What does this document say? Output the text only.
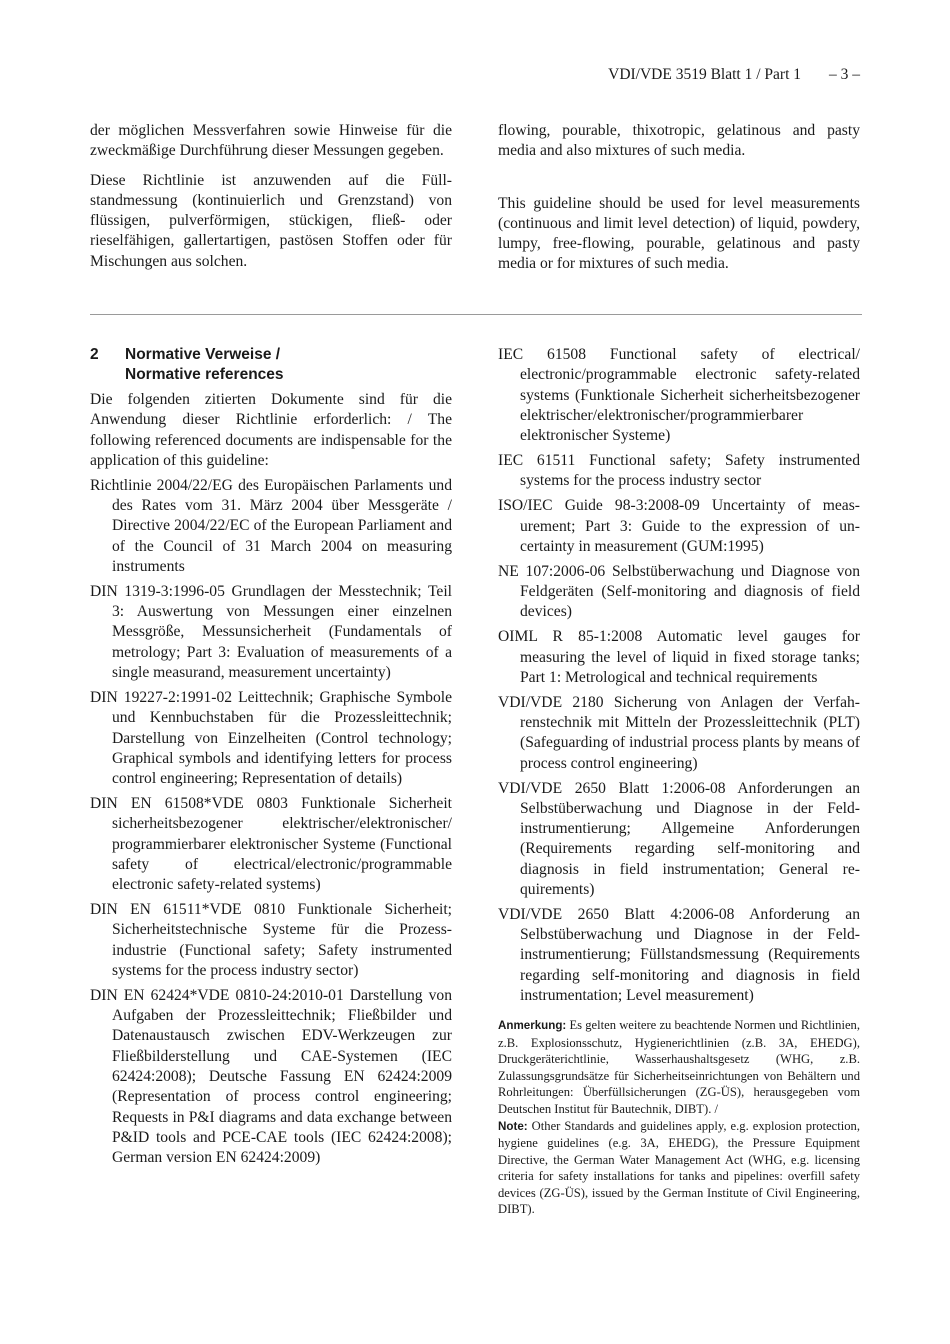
VDI/VDE 3519 Blatt 1 / Part 1 – 3 –

der möglichen Messverfahren sowie Hinweise für die zweckmäßige Durchführung dieser Messungen gegeben.

Diese Richtlinie ist anzuwenden auf die Füllstandmessung (kontinuierlich und Grenzstand) von flüssigen, pulverförmigen, stückigen, fließ- oder rieselfähigen, gallertartigen, pastösen Stoffen oder für Mischungen aus solchen.

flowing, pourable, thixotropic, gelatinous and pasty media and also mixtures of such media.

This guideline should be used for level measurements (continuous and limit level detection) of liquid, powdery, lumpy, free-flowing, pourable, gelatinous and pasty media or for mixtures of such media.

2	Normative Verweise /
Normative references

Die folgenden zitierten Dokumente sind für die Anwendung dieser Richtlinie erforderlich: / The following referenced documents are indispensable for the application of this guideline:

Richtlinie 2004/22/EG des Europäischen Parlaments und des Rates vom 31. März 2004 über Messgeräte / Directive 2004/22/EC of the European Parliament and of the Council of 31 March 2004 on measuring instruments

DIN 1319-3:1996-05 Grundlagen der Messtechnik; Teil 3: Auswertung von Messungen einer einzelnen Messgröße, Messunsicherheit (Fundamentals of metrology; Part 3: Evaluation of measurements of a single measurand, measurement uncertainty)

DIN 19227-2:1991-02 Leittechnik; Graphische Symbole und Kennbuchstaben für die Prozessleittechnik; Darstellung von Einzelheiten (Control technology; Graphical symbols and identifying letters for process control engineering; Representation of details)

DIN EN 61508*VDE 0803 Funktionale Sicherheit sicherheitsbezogener elektrischer/elektronischer/ programmierbarer elektronischer Systeme (Functional safety of electrical/electronic/programmable electronic safety-related systems)

DIN EN 61511*VDE 0810 Funktionale Sicherheit; Sicherheitstechnische Systeme für die Prozessindustrie (Functional safety; Safety instrumented systems for the process industry sector)

DIN EN 62424*VDE 0810-24:2010-01 Darstellung von Aufgaben der Prozessleittechnik; Fließbilder und Datenaustausch zwischen EDV-Werkzeugen zur Fließbilderstellung und CAE-Systemen (IEC 62424:2008); Deutsche Fassung EN 62424:2009 (Representation of process control engineering; Requests in P&I diagrams and data exchange between P&ID tools and PCE-CAE tools (IEC 62424:2008); German version EN 62424:2009)

IEC 61508 Functional safety of electrical/ electronic/programmable electronic safety-related systems (Funktionale Sicherheit sicherheitsbezogener elektrischer/elektronischer/programmierbarer elektronischer Systeme)

IEC 61511 Functional safety; Safety instrumented systems for the process industry sector

ISO/IEC Guide 98-3:2008-09 Uncertainty of measurement; Part 3: Guide to the expression of uncertainty in measurement (GUM:1995)

NE 107:2006-06 Selbstüberwachung und Diagnose von Feldgeräten (Self-monitoring and diagnosis of field devices)

OIML R 85-1:2008 Automatic level gauges for measuring the level of liquid in fixed storage tanks; Part 1: Metrological and technical requirements

VDI/VDE 2180 Sicherung von Anlagen der Verfahrenstechnik mit Mitteln der Prozessleittechnik (PLT) (Safeguarding of industrial process plants by means of process control engineering)

VDI/VDE 2650 Blatt 1:2006-08 Anforderungen an Selbstüberwachung und Diagnose in der Feldinstrumentierung; Allgemeine Anforderungen (Requirements regarding self-monitoring and diagnosis in field instrumentation; General requirements)

VDI/VDE 2650 Blatt 4:2006-08 Anforderung an Selbstüberwachung und Diagnose in der Feldinstrumentierung; Füllstandsmessung (Requirements regarding self-monitoring and diagnosis in field instrumentation; Level measurement)

Anmerkung: Es gelten weitere zu beachtende Normen und Richtlinien, z.B. Explosionsschutz, Hygienerichtlinien (z.B. 3A, EHEDG), Druckgeräterichtlinie, Wasserhaushaltsgesetz (WHG, z.B. Zulassungsgrundsätze für Sicherheitseinrichtungen von Behältern und Rohrleitungen: Überfüllsicherungen (ZG-ÜS), herausgegeben vom Deutschen Institut für Bautechnik, DIBT). /

Note: Other Standards and guidelines apply, e.g. explosion protection, hygiene guidelines (e.g. 3A, EHEDG), the Pressure Equipment Directive, the German Water Management Act (WHG, e.g. licensing criteria for safety installations for tanks and pipelines: overfill safety devices (ZG-ÜS), issued by the German Institute of Civil Engineering, DIBT).
